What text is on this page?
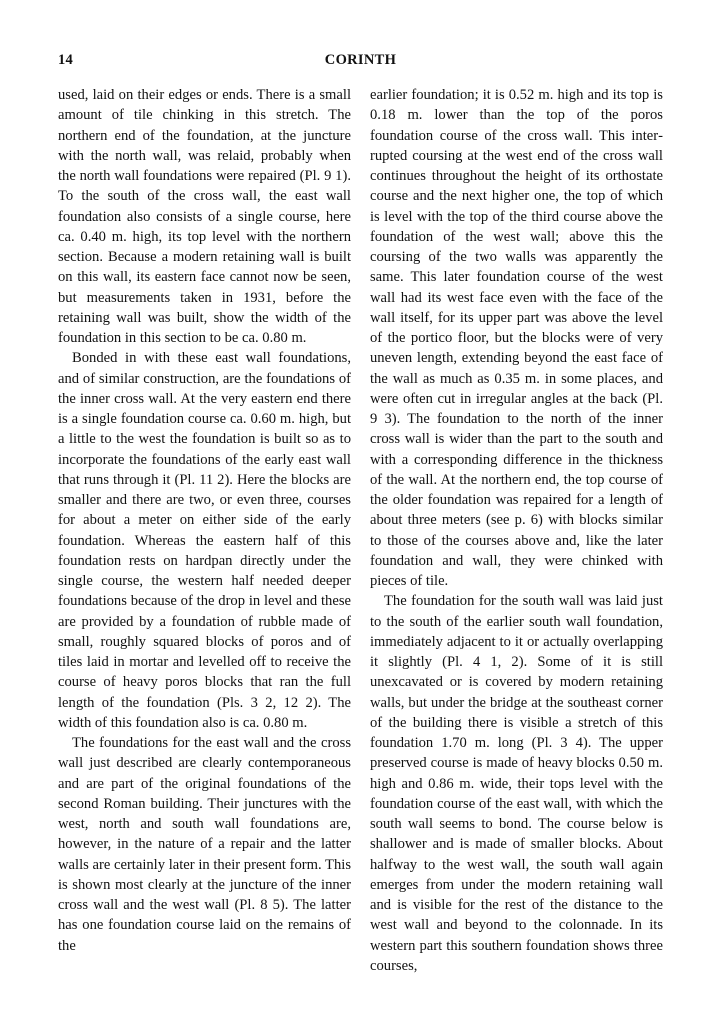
14	CORINTH

used, laid on their edges or ends. There is a small amount of tile chinking in this stretch. The northern end of the foundation, at the juncture with the north wall, was relaid, probably when the north wall foundations were repaired (Pl. 9 1). To the south of the cross wall, the east wall foundation also consists of a single course, here ca. 0.40 m. high, its top level with the northern section. Because a modern retaining wall is built on this wall, its eastern face cannot now be seen, but measurements taken in 1931, before the retaining wall was built, show the width of the foundation in this section to be ca. 0.80 m.

Bonded in with these east wall foundations, and of similar construction, are the foundations of the inner cross wall. At the very eastern end there is a single foundation course ca. 0.60 m. high, but a little to the west the foundation is built so as to incorporate the foundations of the early east wall that runs through it (Pl. 11 2). Here the blocks are smaller and there are two, or even three, courses for about a meter on either side of the early foundation. Whereas the eastern half of this foundation rests on hardpan directly under the single course, the western half needed deeper foundations because of the drop in level and these are provided by a foundation of rubble made of small, roughly squared blocks of poros and of tiles laid in mortar and levelled off to receive the course of heavy poros blocks that ran the full length of the foundation (Pls. 3 2, 12 2). The width of this foundation also is ca. 0.80 m.

The foundations for the east wall and the cross wall just described are clearly contemporaneous and are part of the original foundations of the second Roman building. Their junctures with the west, north and south wall foundations are, however, in the nature of a repair and the latter walls are certainly later in their present form. This is shown most clearly at the juncture of the inner cross wall and the west wall (Pl. 8 5). The latter has one foundation course laid on the remains of the

earlier foundation; it is 0.52 m. high and its top is 0.18 m. lower than the top of the poros foundation course of the cross wall. This interrupted coursing at the west end of the cross wall continues throughout the height of its orthostate course and the next higher one, the top of which is level with the top of the third course above the foundation of the west wall; above this the coursing of the two walls was apparently the same. This later foundation course of the west wall had its west face even with the face of the wall itself, for its upper part was above the level of the portico floor, but the blocks were of very uneven length, extending beyond the east face of the wall as much as 0.35 m. in some places, and were often cut in irregular angles at the back (Pl. 9 3). The foundation to the north of the inner cross wall is wider than the part to the south and with a corresponding difference in the thickness of the wall. At the northern end, the top course of the older foundation was repaired for a length of about three meters (see p. 6) with blocks similar to those of the courses above and, like the later foundation and wall, they were chinked with pieces of tile.

The foundation for the south wall was laid just to the south of the earlier south wall foundation, immediately adjacent to it or actually overlapping it slightly (Pl. 4 1, 2). Some of it is still unexcavated or is covered by modern retaining walls, but under the bridge at the southeast corner of the building there is visible a stretch of this foundation 1.70 m. long (Pl. 3 4). The upper preserved course is made of heavy blocks 0.50 m. high and 0.86 m. wide, their tops level with the foundation course of the east wall, with which the south wall seems to bond. The course below is shallower and is made of smaller blocks. About halfway to the west wall, the south wall again emerges from under the modern retaining wall and is visible for the rest of the distance to the west wall and beyond to the colonnade. In its western part this southern foundation shows three courses,
